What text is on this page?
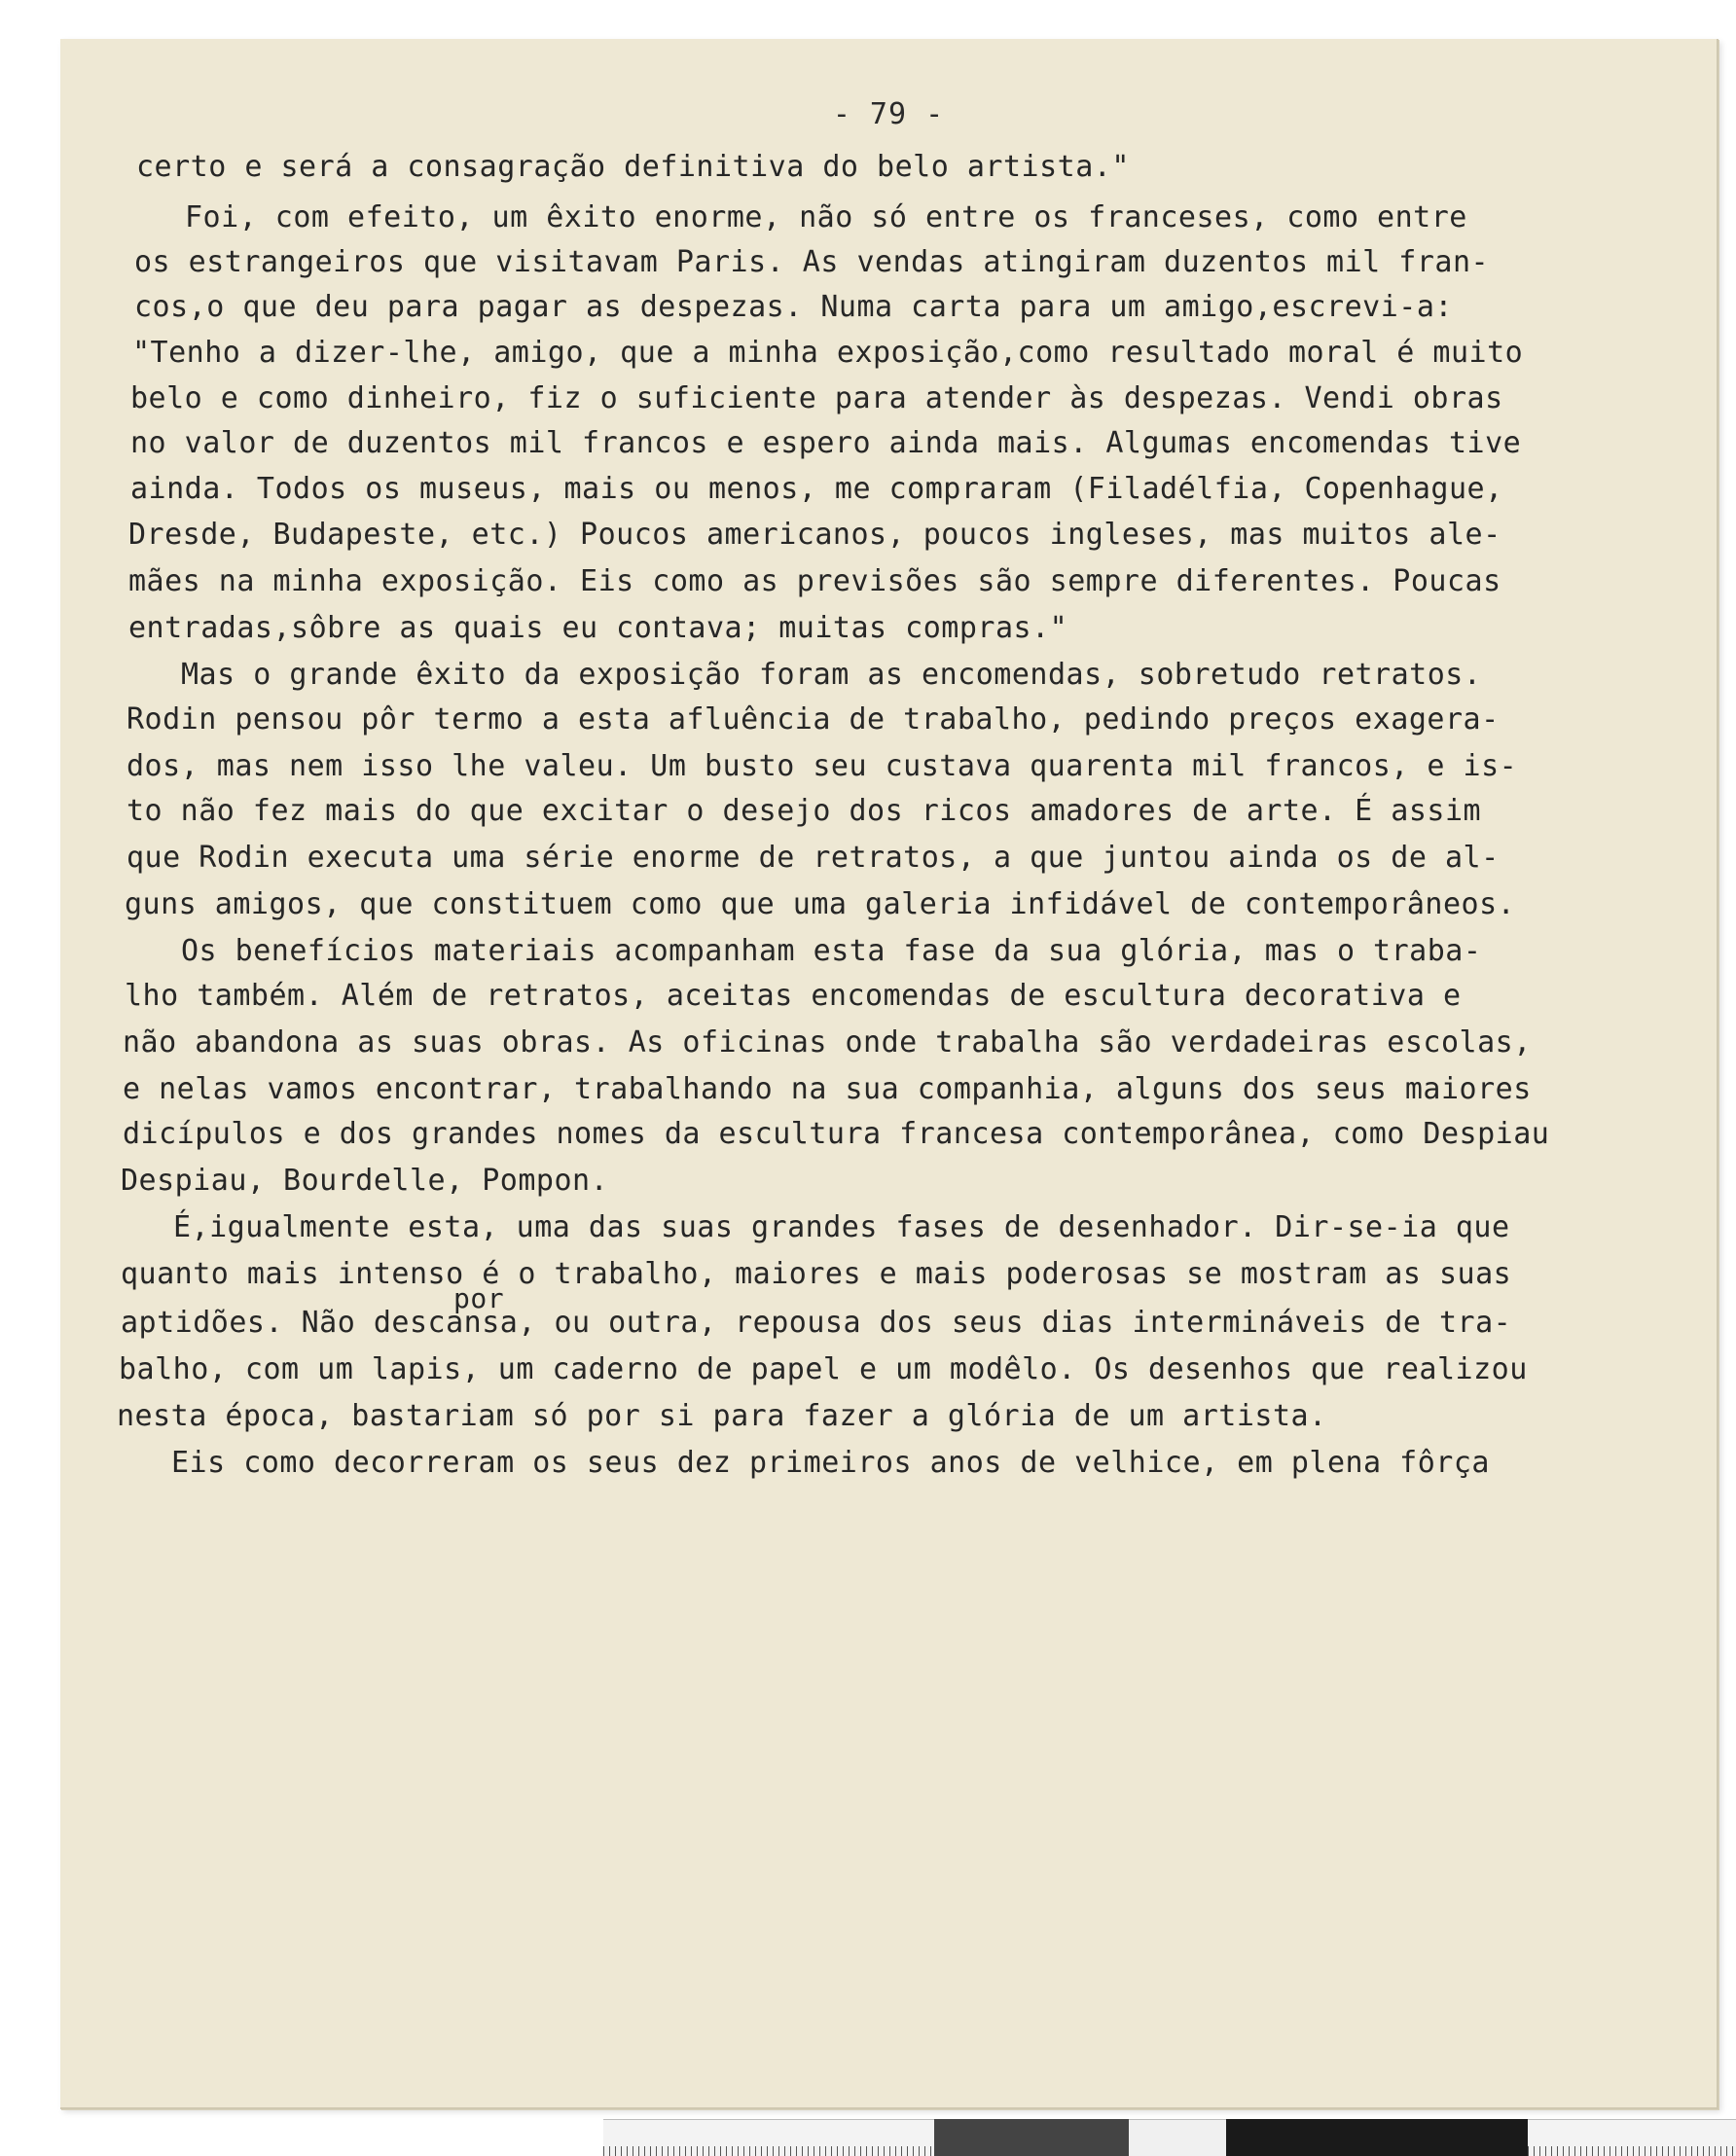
- 79 -
certo e será a consagração definitiva do belo artista."
Foi, com efeito, um êxito enorme, não só entre os franceses, como entre
os estrangeiros que visitavam Paris. As vendas atingiram duzentos mil fran-
cos,o que deu para pagar as despezas. Numa carta para um amigo,escrevi-a:
"Tenho a dizer-lhe, amigo, que a minha exposição,como resultado moral é muito
belo e como dinheiro, fiz o suficiente para atender às despezas. Vendi obras
no valor de duzentos mil francos e espero ainda mais. Algumas encomendas tive
ainda. Todos os museus, mais ou menos, me compraram (Filadélfia, Copenhague,
Dresde, Budapeste, etc.) Poucos americanos, poucos ingleses, mas muitos ale-
mães na minha exposição. Eis como as previsões são sempre diferentes. Poucas
entradas,sôbre as quais eu contava; muitas compras."
Mas o grande êxito da exposição foram as encomendas, sobretudo retratos.
Rodin pensou pôr termo a esta afluência de trabalho, pedindo preços exagera-
dos, mas nem isso lhe valeu. Um busto seu custava quarenta mil francos, e is-
to não fez mais do que excitar o desejo dos ricos amadores de arte. É assim
que Rodin executa uma série enorme de retratos, a que juntou ainda os de al-
guns amigos, que constituem como que uma galeria infidável de contemporâneos.
Os benefícios materiais acompanham esta fase da sua glória, mas o traba-
lho também. Além de retratos, aceitas encomendas de escultura decorativa e
não abandona as suas obras. As oficinas onde trabalha são verdadeiras escolas,
e nelas vamos encontrar, trabalhando na sua companhia, alguns dos seus maiores
dicípulos e dos grandes nomes da escultura francesa contemporânea, como Despiau
Despiau, Bourdelle, Pompon.
É,igualmente esta, uma das suas grandes fases de desenhador. Dir-se-ia que
quanto mais intenso é o trabalho, maiores e mais poderosas se mostram as suas
por
aptidões. Não descansa, ou outra, repousa dos seus dias intermináveis de tra-
balho, com um lapis, um caderno de papel e um modêlo. Os desenhos que realizou
nesta época, bastariam só por si para fazer a glória de um artista.
Eis como decorreram os seus dez primeiros anos de velhice, em plena fôrça
